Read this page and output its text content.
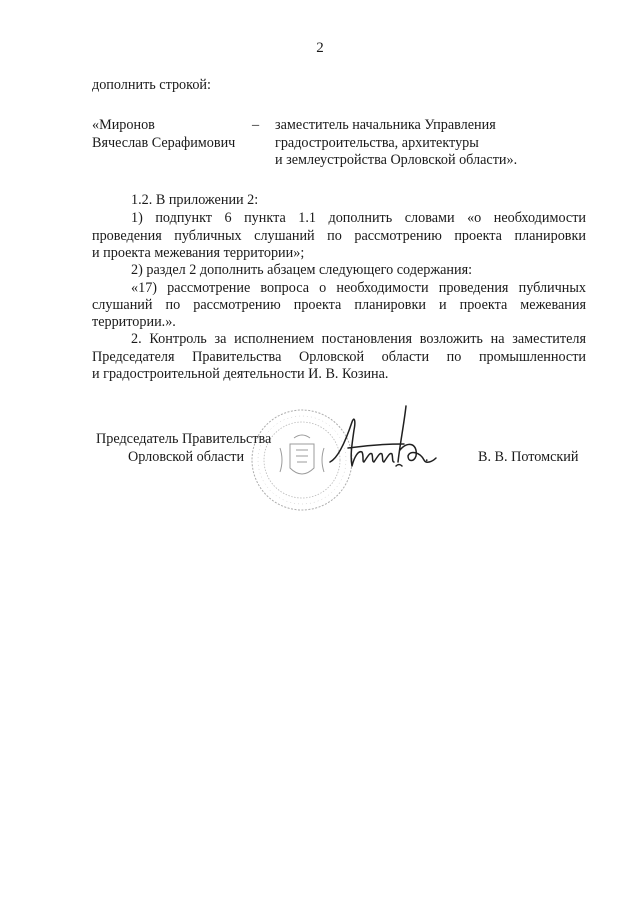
2
дополнить строкой:
«Миронов
Вячеслав Серафимович
– заместитель начальника Управления
градостроительства, архитектуры
и землеустройства Орловской области».
1.2. В приложении 2:
1) подпункт 6 пункта 1.1 дополнить словами «о необходимости
проведения публичных слушаний по рассмотрению проекта планировки
и проекта межевания территории»;
2) раздел 2 дополнить абзацем следующего содержания:
«17) рассмотрение вопроса о необходимости проведения публичных
слушаний по рассмотрению проекта планировки и проекта межевания
территории.».
2. Контроль за исполнением постановления возложить на заместителя
Председателя Правительства Орловской области по промышленности
и градостроительной деятельности И. В. Козина.
Председатель Правительства
Орловской области	.	В. В. Потомский
